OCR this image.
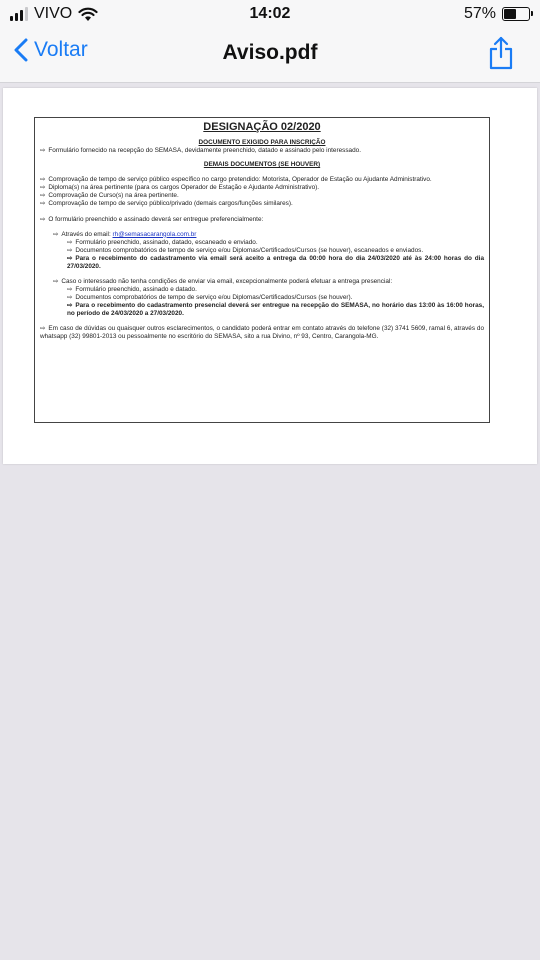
VIVO	14:02	57%
Voltar	Aviso.pdf
DESIGNAÇÃO 02/2020
DOCUMENTO EXIGIDO PARA INSCRIÇÃO
⇨ Formulário fornecido na recepção do SEMASA, devidamente preenchido, datado e assinado pelo interessado.
DEMAIS DOCUMENTOS (SE HOUVER)
⇨ Comprovação de tempo de serviço público específico no cargo pretendido: Motorista, Operador de Estação ou Ajudante Administrativo.
⇨ Diploma(s) na área pertinente (para os cargos Operador de Estação e Ajudante Administrativo).
⇨ Comprovação de Curso(s) na área pertinente.
⇨ Comprovação de tempo de serviço público/privado (demais cargos/funções similares).
⇨ O formulário preenchido e assinado deverá ser entregue preferencialmente:
⇨ Através do email: rh@semasacarangola.com.br
⇨ Formulário preenchido, assinado, datado, escaneado e enviado.
⇨ Documentos comprobatórios de tempo de serviço e/ou Diplomas/Certificados/Cursos (se houver), escaneados e enviados.
⇨ Para o recebimento do cadastramento via email será aceito a entrega da 00:00 hora do dia 24/03/2020 até às 24:00 horas do dia 27/03/2020.
⇨ Caso o interessado não tenha condições de enviar via email, excepcionalmente poderá efetuar a entrega presencial:
⇨ Formulário preenchido, assinado e datado.
⇨ Documentos comprobatórios de tempo de serviço e/ou Diplomas/Certificados/Cursos (se houver).
⇨ Para o recebimento do cadastramento presencial deverá ser entregue na recepção do SEMASA, no horário das 13:00 às 16:00 horas, no período de 24/03/2020 a 27/03/2020.
⇨ Em caso de dúvidas ou quaisquer outros esclarecimentos, o candidato poderá entrar em contato através do telefone (32) 3741 5609, ramal 6, através do whatsapp (32) 99801-2013 ou pessoalmente no escritório do SEMASA, sito a rua Divino, nº 93, Centro, Carangola-MG.
